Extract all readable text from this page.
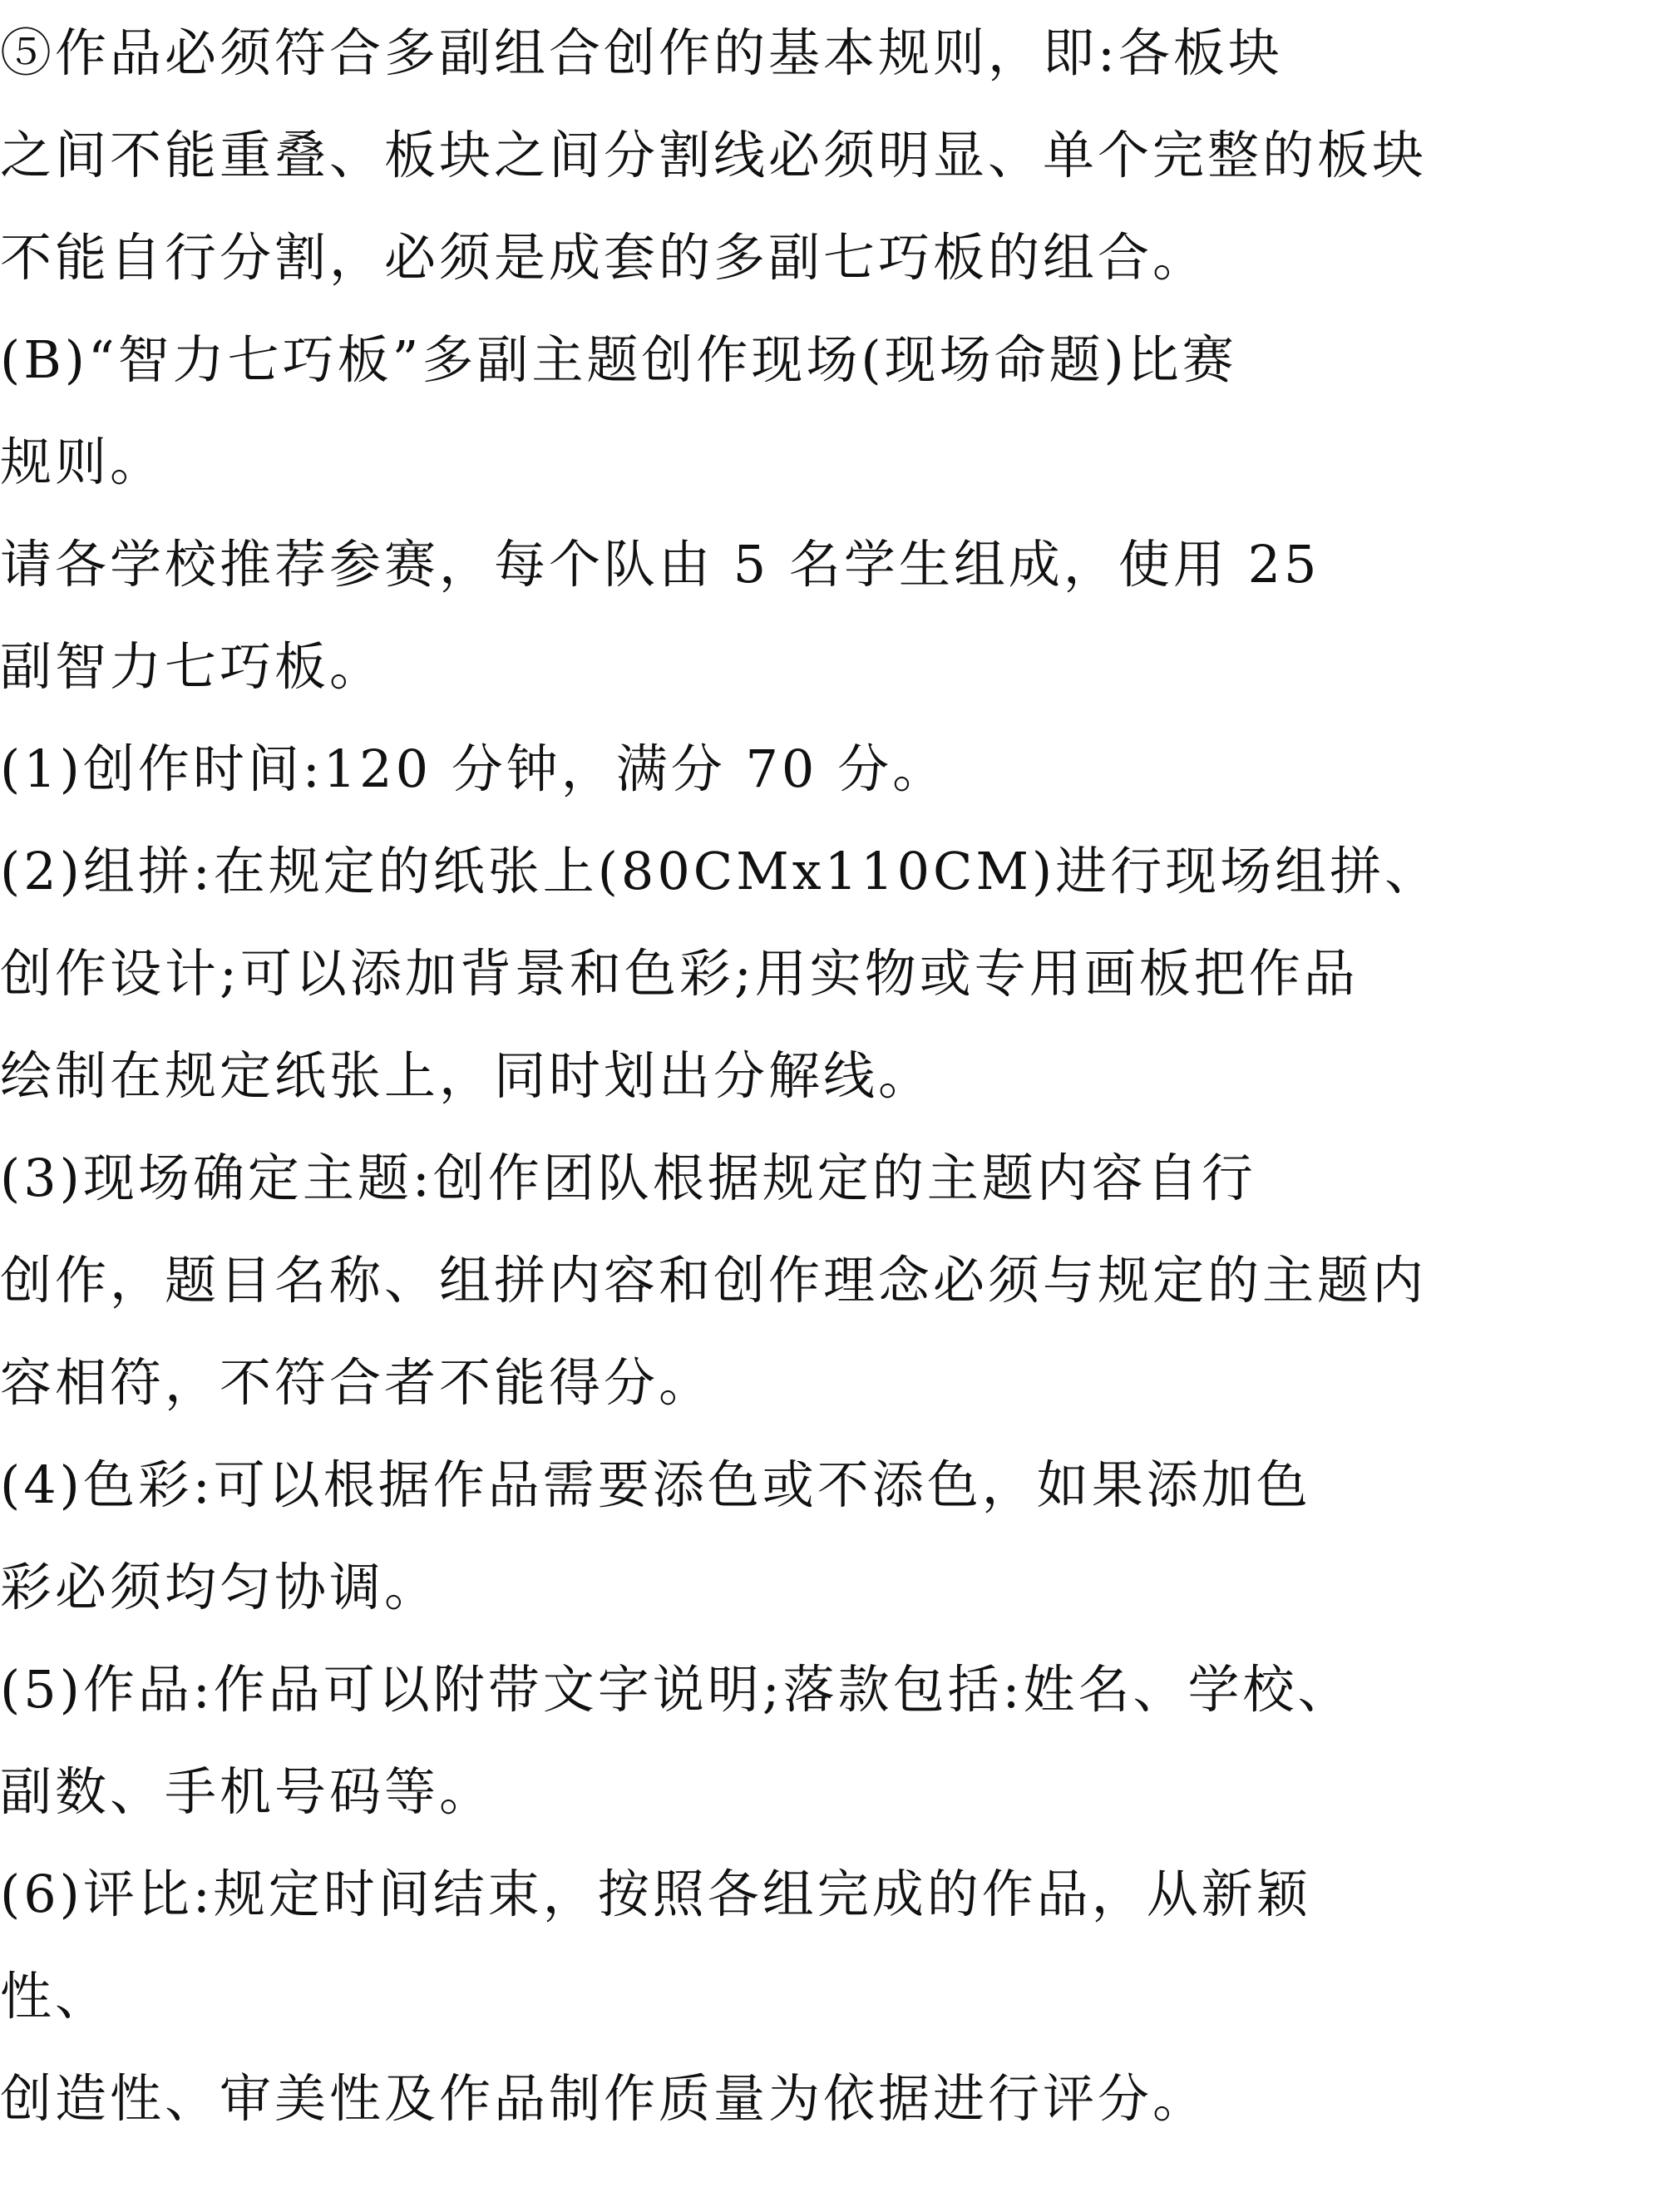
⑤作品必须符合多副组合创作的基本规则，即:各板块
之间不能重叠、板块之间分割线必须明显、单个完整的板块
不能自行分割，必须是成套的多副七巧板的组合。
(B)“智力七巧板”多副主题创作现场(现场命题)比赛
规则。
请各学校推荐参赛，每个队由 5 名学生组成，使用 25
副智力七巧板。
(1)创作时间:120 分钟，满分 70 分。
(2)组拼:在规定的纸张上(80CMx110CM)进行现场组拼、
创作设计;可以添加背景和色彩;用实物或专用画板把作品
绘制在规定纸张上，同时划出分解线。
(3)现场确定主题:创作团队根据规定的主题内容自行
创作，题目名称、组拼内容和创作理念必须与规定的主题内
容相符，不符合者不能得分。
(4)色彩:可以根据作品需要添色或不添色，如果添加色
彩必须均匀协调。
(5)作品:作品可以附带文字说明;落款包括:姓名、学校、
副数、手机号码等。
(6)评比:规定时间结束，按照各组完成的作品，从新颖
性、
创造性、审美性及作品制作质量为依据进行评分。
